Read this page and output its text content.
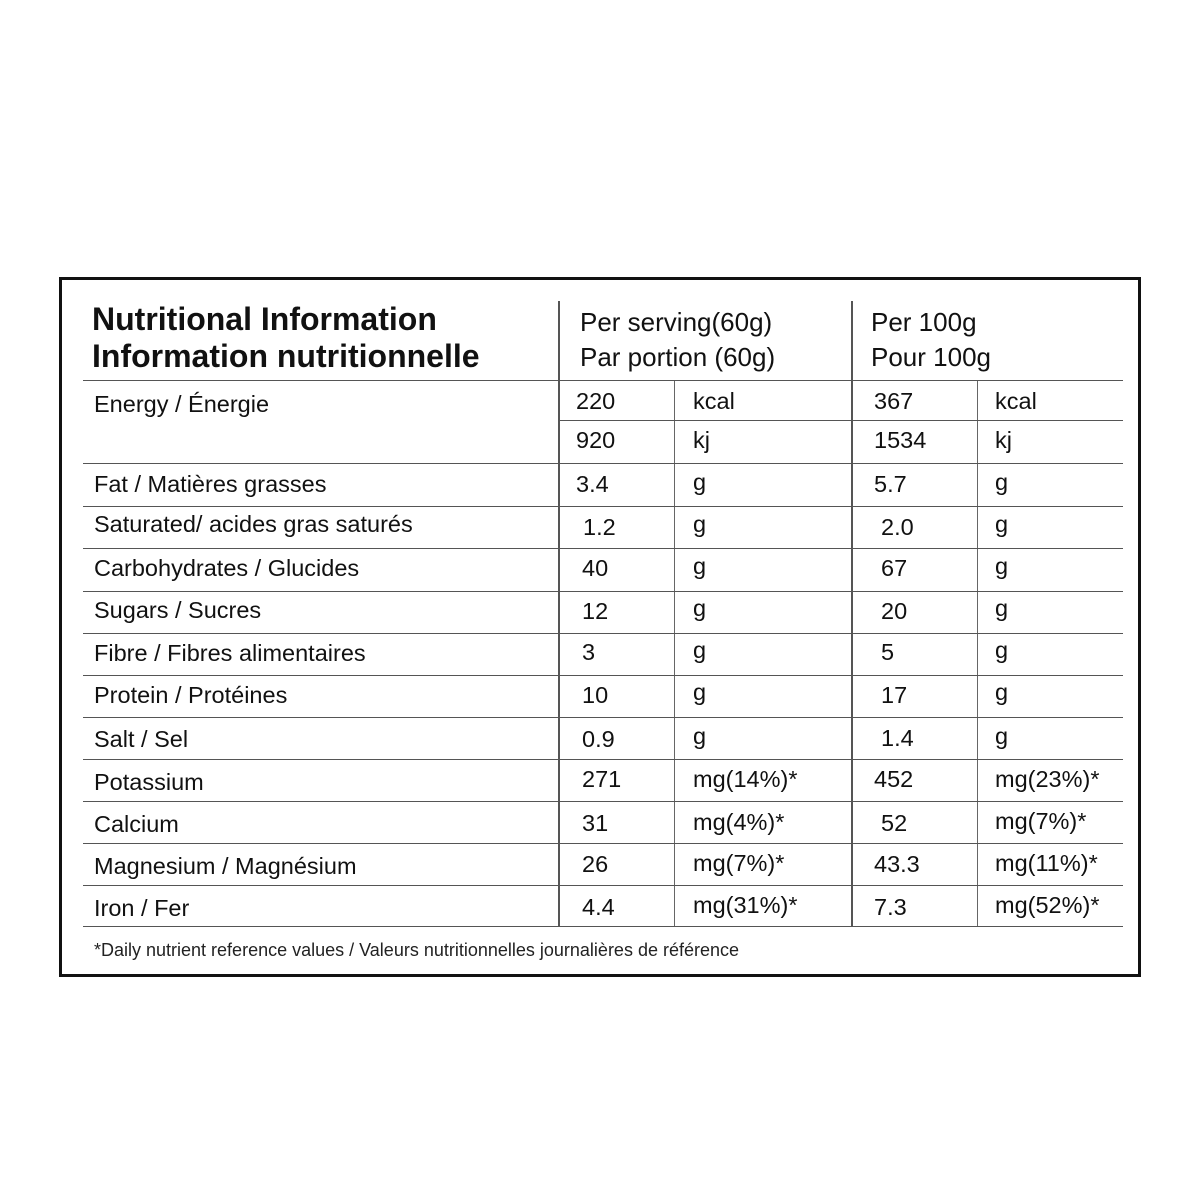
Nutritional Information
Information nutritionnelle
Per serving(60g)
Par portion (60g)
Per 100g
Pour 100g
Energy / Énergie	220	kcal	367	kcal
920	kj	1534	kj
Fat / Matières grasses	3.4	g	5.7	g
Saturated/ acides gras saturés	1.2	g	2.0	g
Carbohydrates / Glucides	40	g	67	g
Sugars / Sucres	12	g	20	g
Fibre / Fibres alimentaires	3	g	5	g
Protein / Protéines	10	g	17	g
Salt / Sel	0.9	g	1.4	g
Potassium	271	mg(14%)*	452	mg(23%)*
Calcium	31	mg(4%)*	52	mg(7%)*
Magnesium / Magnésium	26	mg(7%)*	43.3	mg(11%)*
Iron / Fer	4.4	mg(31%)*	7.3	mg(52%)*
*Daily nutrient reference values / Valeurs nutritionnelles journalières de référence
